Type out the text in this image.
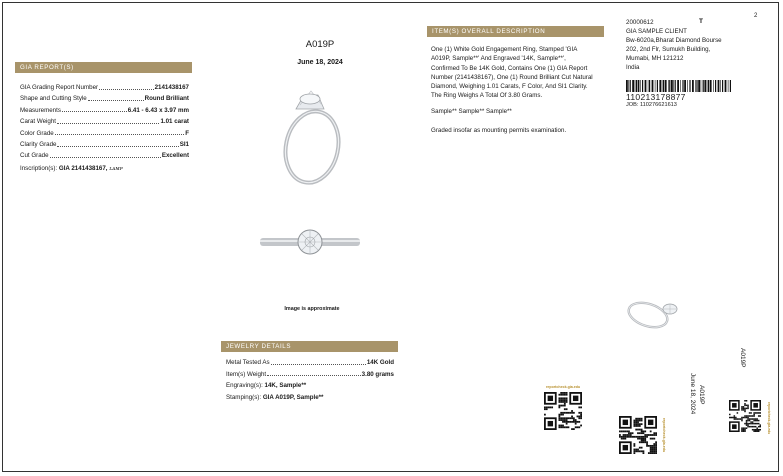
2
GIA REPORT(S)
GIA Grading Report Number	2141438167
Shape and Cutting Style	Round Brilliant
Measurements	6.41 - 6.43 x 3.97 mm
Carat Weight	1.01 carat
Color Grade	F
Clarity Grade	SI1
Cut Grade	Excellent
Inscription(s): GIA 2141438167, ʟᴀᴍᴘ
A019P
June 18, 2024
Image is approximate
JEWELRY DETAILS
Metal Tested As	14K Gold
Item(s) Weight	3.80 grams
Engraving(s): 14K, Sample**
Stamping(s): GIA A019P, Sample**
ITEM(S) OVERALL DESCRIPTION
One (1) White Gold Engagement Ring, Stamped 'GIA A019P, Sample**' And Engraved '14K, Sample**', Confirmed To Be 14K Gold, Contains One (1) GIA Report Number (2141438167), One (1) Round Brilliant Cut Natural Diamond, Weighing 1.01 Carats, F Color, And SI1 Clarity. The Ring Weighs A Total Of 3.80 Grams.
Sample** Sample** Sample**
Graded insofar as mounting permits examination.
20000612	T
GIA SAMPLE CLIENT
Bw-6020a,Bharat Diamond Bourse
202, 2nd Flr, Sumukh Building,
Mumabi, MH 121212
India
110213178877
JOB: 110276621613
A019P
A019P
June 18, 2024
reportcheck.gia.edu
reportcheck.gia.edu	reportcheck.gia.edu
